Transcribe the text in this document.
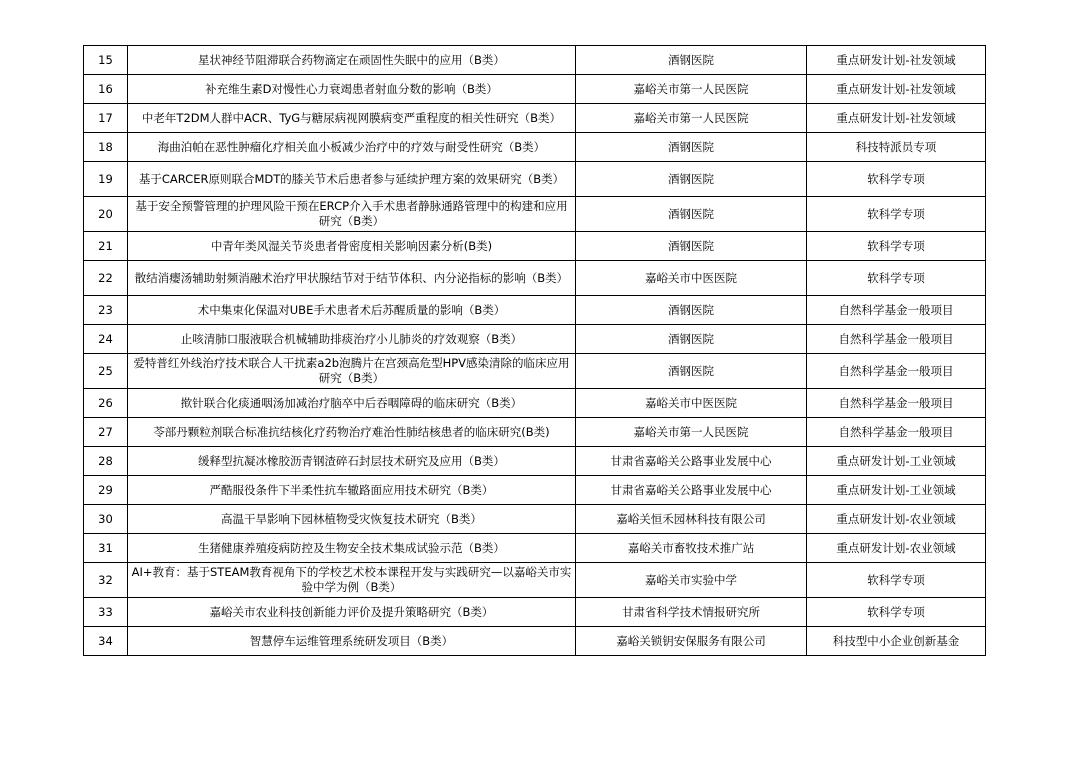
15	星状神经节阻滞联合药物滴定在顽固性失眠中的应用（B类）	酒钢医院	重点研发计划-社发领域
16	补充维生素D对慢性心力衰竭患者射血分数的影响（B类）	嘉峪关市第一人民医院	重点研发计划-社发领域
17	中老年T2DM人群中ACR、TyG与糖尿病视网膜病变严重程度的相关性研究（B类）	嘉峪关市第一人民医院	重点研发计划-社发领域
18	海曲泊帕在恶性肿瘤化疗相关血小板减少治疗中的疗效与耐受性研究（B类）	酒钢医院	科技特派员专项
19	基于CARCER原则联合MDT的膝关节术后患者参与延续护理方案的效果研究（B类）	酒钢医院	软科学专项
20	基于安全预警管理的护理风险干预在ERCP介入手术患者静脉通路管理中的构建和应用研究（B类）	酒钢医院	软科学专项
21	中青年类风湿关节炎患者骨密度相关影响因素分析(B类)	酒钢医院	软科学专项
22	散结消瘿汤辅助射频消融术治疗甲状腺结节对于结节体积、内分泌指标的影响（B类）	嘉峪关市中医医院	软科学专项
23	术中集束化保温对UBE手术患者术后苏醒质量的影响（B类）	酒钢医院	自然科学基金一般项目
24	止咳清肺口服液联合机械辅助排痰治疗小儿肺炎的疗效观察（B类）	酒钢医院	自然科学基金一般项目
25	爱特普红外线治疗技术联合人干扰素a2b泡腾片在宫颈高危型HPV感染清除的临床应用研究（B类）	酒钢医院	自然科学基金一般项目
26	揿针联合化痰通咽汤加减治疗脑卒中后吞咽障碍的临床研究（B类）	嘉峪关市中医医院	自然科学基金一般项目
27	苓部丹颗粒剂联合标准抗结核化疗药物治疗难治性肺结核患者的临床研究(B类)	嘉峪关市第一人民医院	自然科学基金一般项目
28	缓释型抗凝冰橡胶沥青钢渣碎石封层技术研究及应用（B类）	甘肃省嘉峪关公路事业发展中心	重点研发计划-工业领域
29	严酷服役条件下半柔性抗车辙路面应用技术研究（B类）	甘肃省嘉峪关公路事业发展中心	重点研发计划-工业领域
30	高温干旱影响下园林植物受灾恢复技术研究（B类）	嘉峪关恒禾园林科技有限公司	重点研发计划-农业领域
31	生猪健康养殖疫病防控及生物安全技术集成试验示范（B类）	嘉峪关市畜牧技术推广站	重点研发计划-农业领域
32	AI+教育：基于STEAM教育视角下的学校艺术校本课程开发与实践研究—以嘉峪关市实验中学为例（B类）	嘉峪关市实验中学	软科学专项
33	嘉峪关市农业科技创新能力评价及提升策略研究（B类）	甘肃省科学技术情报研究所	软科学专项
34	智慧停车运维管理系统研发项目（B类）	嘉峪关锁钥安保服务有限公司	科技型中小企业创新基金
